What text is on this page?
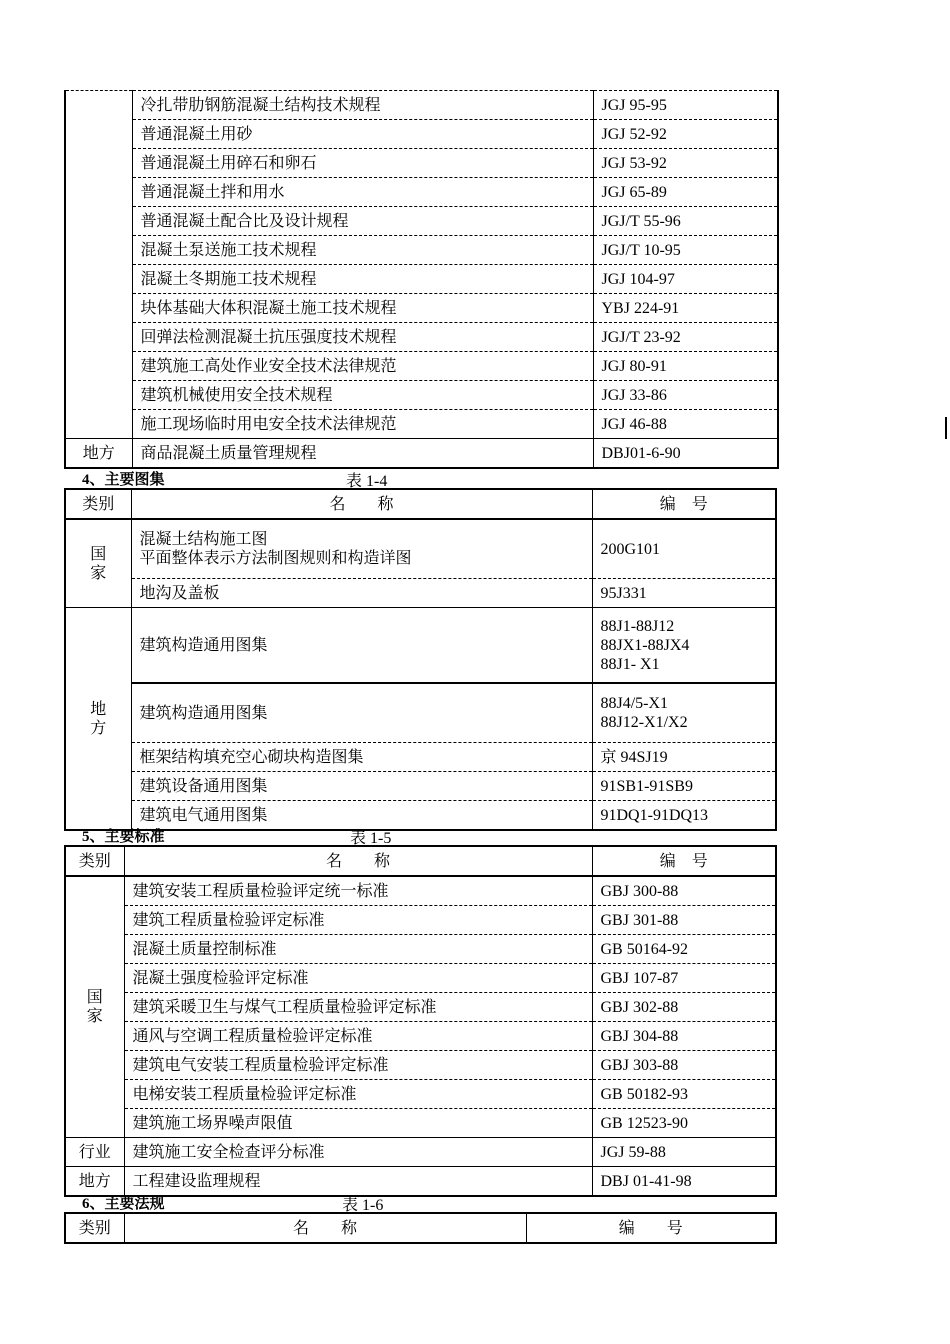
	冷扎带肋钢筋混凝土结构技术规程	JGJ 95-95
	普通混凝土用砂	JGJ 52-92
	普通混凝土用碎石和卵石	JGJ 53-92
	普通混凝土拌和用水	JGJ 65-89
	普通混凝土配合比及设计规程	JGJ/T 55-96
	混凝土泵送施工技术规程	JGJ/T 10-95
	混凝土冬期施工技术规程	JGJ 104-97
	块体基础大体积混凝土施工技术规程	YBJ 224-91
	回弹法检测混凝土抗压强度技术规程	JGJ/T 23-92
	建筑施工高处作业安全技术法律规范	JGJ 80-91
	建筑机械使用安全技术规程	JGJ 33-86
	施工现场临时用电安全技术法律规范	JGJ 46-88
地方	商品混凝土质量管理规程	DBJ01-6-90
4、主要图集	表 1-4
类别	名　　称	编　号
国
家	混凝土结构施工图
平面整体表示方法制图规则和构造详图	200G101
	地沟及盖板	95J331
地
方	建筑构造通用图集	88J1-88J12
88JX1-88JX4
88J1- X1
	建筑构造通用图集	88J4/5-X1
88J12-X1/X2
	框架结构填充空心砌块构造图集	京 94SJ19
	建筑设备通用图集	91SB1-91SB9
	建筑电气通用图集	91DQ1-91DQ13
5、主要标准	表 1-5
类别	名　　称	编　号
国
家	建筑安装工程质量检验评定统一标准	GBJ 300-88
	建筑工程质量检验评定标准	GBJ 301-88
	混凝土质量控制标准	GB 50164-92
	混凝土强度检验评定标准	GBJ 107-87
	建筑采暖卫生与煤气工程质量检验评定标准	GBJ 302-88
	通风与空调工程质量检验评定标准	GBJ 304-88
	建筑电气安装工程质量检验评定标准	GBJ 303-88
	电梯安装工程质量检验评定标准	GB 50182-93
	建筑施工场界噪声限值	GB 12523-90
行业	建筑施工安全检查评分标准	JGJ 59-88
地方	工程建设监理规程	DBJ 01-41-98
6、主要法规	表 1-6
类别	名　　称	编　　号
